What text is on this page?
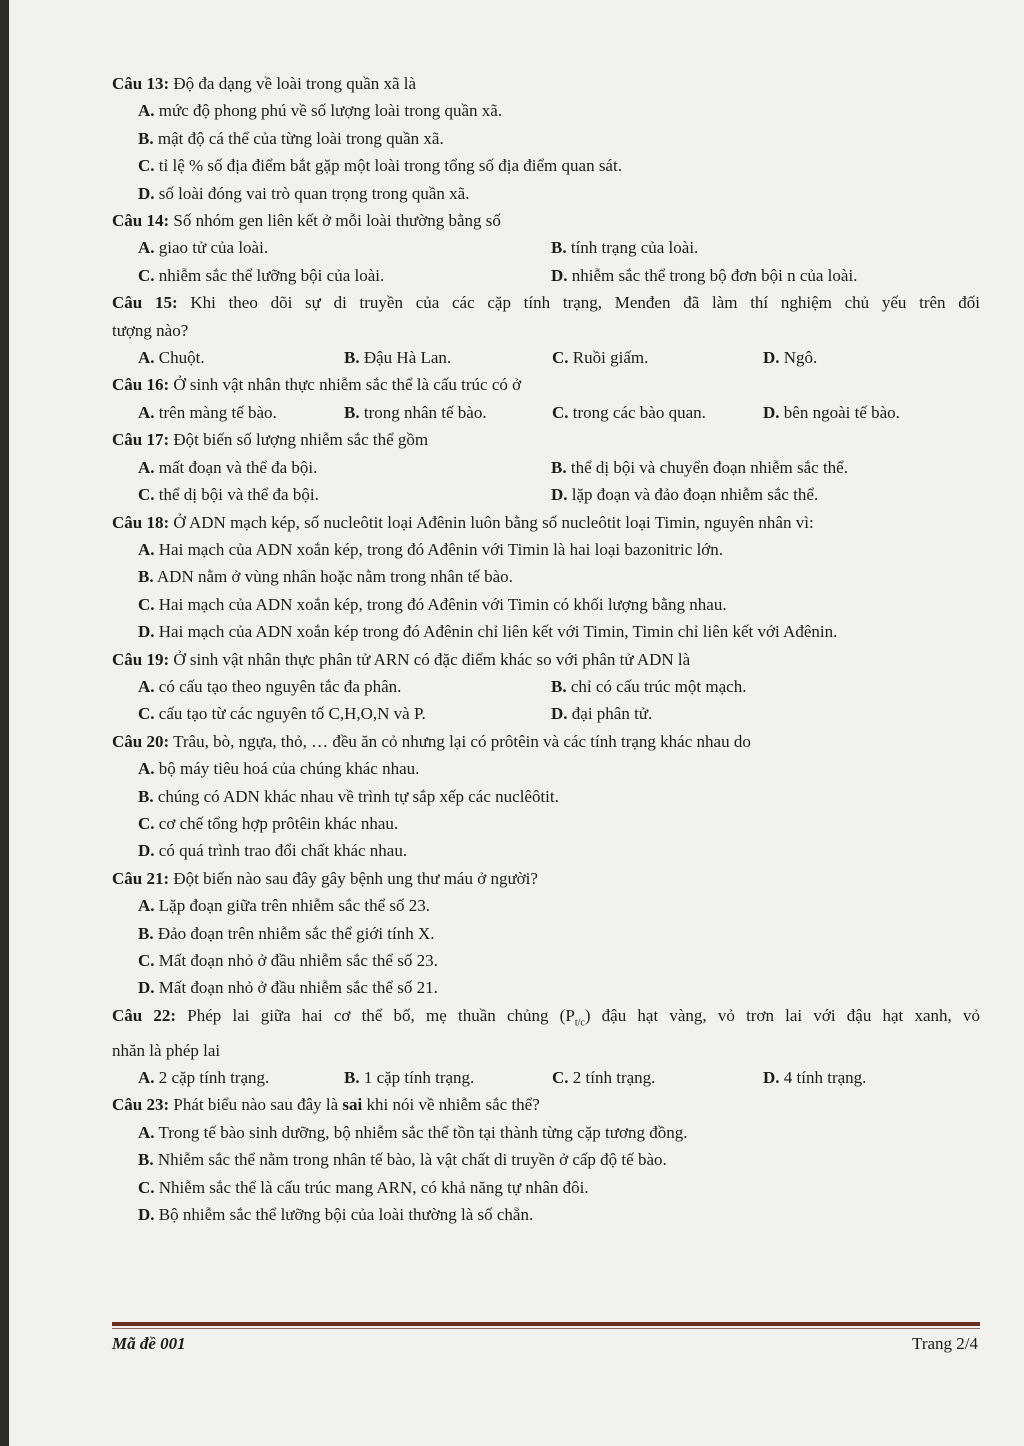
Câu 13: Độ đa dạng về loài trong quần xã là
A. mức độ phong phú về số lượng loài trong quần xã.
B. mật độ cá thể của từng loài trong quần xã.
C. tỉ lệ % số địa điểm bắt gặp một loài trong tổng số địa điểm quan sát.
D. số loài đóng vai trò quan trọng trong quần xã.
Câu 14: Số nhóm gen liên kết ở mỗi loài thường bằng số
A. giao tử của loài.	B. tính trạng của loài.
C. nhiễm sắc thể lưỡng bội của loài.	D. nhiễm sắc thể trong bộ đơn bội n của loài.
Câu 15: Khi theo dõi sự di truyền của các cặp tính trạng, Menđen đã làm thí nghiệm chủ yếu trên đối
tượng nào?
A. Chuột.	B. Đậu Hà Lan.	C. Ruồi giấm.	D. Ngô.
Câu 16: Ở sinh vật nhân thực nhiễm sắc thể là cấu trúc có ở
A. trên màng tế bào.	B. trong nhân tế bào.	C. trong các bào quan.	D. bên ngoài tế bào.
Câu 17: Đột biến số lượng nhiễm sắc thể gồm
A. mất đoạn và thể đa bội.	B. thể dị bội và chuyển đoạn nhiễm sắc thể.
C. thể dị bội và thể đa bội.	D. lặp đoạn và đảo đoạn nhiễm sắc thể.
Câu 18: Ở ADN mạch kép, số nucleôtit loại Ađênin luôn bằng số nucleôtit loại Timin, nguyên nhân vì:
A. Hai mạch của ADN xoắn kép, trong đó Ađênin với Timin là hai loại bazonitric lớn.
B. ADN nằm ở vùng nhân hoặc nằm trong nhân tế bào.
C. Hai mạch của ADN xoắn kép, trong đó Ađênin với Timin có khối lượng bằng nhau.
D. Hai mạch của ADN xoắn kép trong đó Ađênin chỉ liên kết với Timin, Timin chỉ liên kết với Ađênin.
Câu 19: Ở sinh vật nhân thực phân tử ARN có đặc điểm khác so với phân tử ADN là
A. có cấu tạo theo nguyên tắc đa phân.	B. chỉ có cấu trúc một mạch.
C. cấu tạo từ các nguyên tố C,H,O,N và P.	D. đại phân tử.
Câu 20: Trâu, bò, ngựa, thỏ, … đều ăn cỏ nhưng lại có prôtêin và các tính trạng khác nhau do
A. bộ máy tiêu hoá của chúng khác nhau.
B. chúng có ADN khác nhau về trình tự sắp xếp các nuclêôtit.
C. cơ chế tổng hợp prôtêin khác nhau.
D. có quá trình trao đổi chất khác nhau.
Câu 21: Đột biến nào sau đây gây bệnh ung thư máu ở người?
A. Lặp đoạn giữa trên nhiễm sắc thể số 23.
B. Đảo đoạn trên nhiễm sắc thể giới tính X.
C. Mất đoạn nhỏ ở đầu nhiễm sắc thể số 23.
D. Mất đoạn nhỏ ở đầu nhiễm sắc thể số 21.
Câu 22: Phép lai giữa hai cơ thể bố, mẹ thuần chủng $(P_{t/c})$ đậu hạt vàng, vỏ trơn lai với đậu hạt xanh, vỏ
nhăn là phép lai
A. 2 cặp tính trạng.	B. 1 cặp tính trạng.	C. 2 tính trạng.	D. 4 tính trạng.
Câu 23: Phát biểu nào sau đây là sai khi nói về nhiễm sắc thể?
A. Trong tế bào sinh dưỡng, bộ nhiễm sắc thể tồn tại thành từng cặp tương đồng.
B. Nhiễm sắc thể nằm trong nhân tế bào, là vật chất di truyền ở cấp độ tế bào.
C. Nhiễm sắc thể là cấu trúc mang ARN, có khả năng tự nhân đôi.
D. Bộ nhiễm sắc thể lưỡng bội của loài thường là số chẵn.
Mã đề 001	Trang 2/4
